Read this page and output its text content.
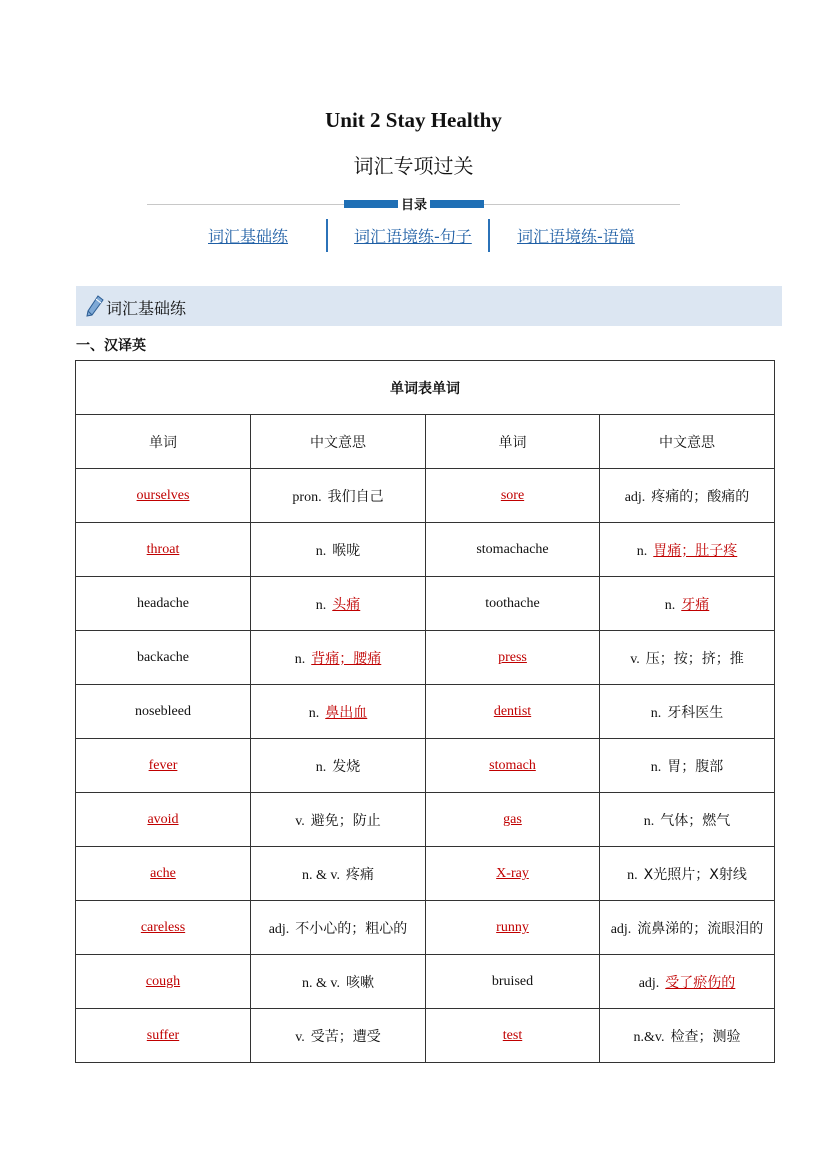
Unit 2 Stay Healthy
词汇专项过关
目录
词汇基础练	词汇语境练-句子	词汇语境练-语篇
词汇基础练
一、汉译英
单词表单词			
单词	中文意思	单词	中文意思
ourselves	pron. 我们自己	sore	adj. 疼痛的；酸痛的
throat	n. 喉咙	stomachache	n. 胃痛；肚子疼
headache	n. 头痛	toothache	n. 牙痛
backache	n. 背痛；腰痛	press	v. 压；按；挤；推
nosebleed	n. 鼻出血	dentist	n. 牙科医生
fever	n. 发烧	stomach	n. 胃；腹部
avoid	v. 避免；防止	gas	n. 气体；燃气
ache	n. & v. 疼痛	X-ray	n. X光照片；X射线
careless	adj. 不小心的；粗心的	runny	adj. 流鼻涕的；流眼泪的
cough	n. & v. 咳嗽	bruised	adj. 受了瘀伤的
suffer	v. 受苦；遭受	test	n.&v. 检查；测验
